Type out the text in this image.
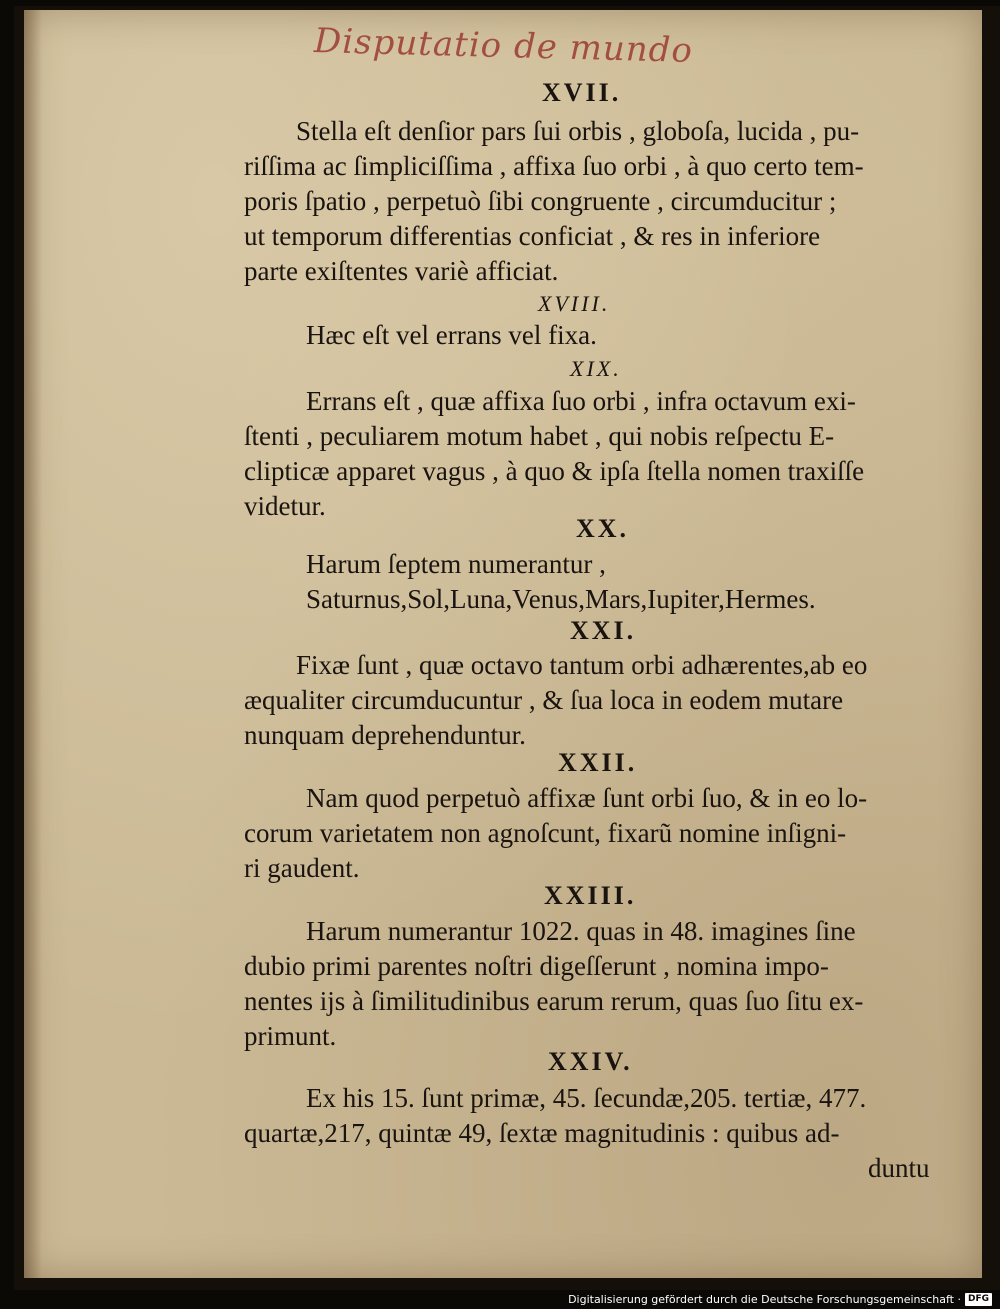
Disputatio de mundo
XVII.
Stella eſt denſior pars ſui orbis , globoſa, lucida , pu-
riſſima ac ſimpliciſſima , affixa ſuo orbi , à quo certo tem-
poris ſpatio , perpetuò ſibi congruente , circumducitur ;
ut temporum differentias conficiat , & res in inferiore
parte exiſtentes variè afficiat.
XVIII.
Hæc eſt vel errans vel fixa.
XIX.
Errans eſt , quæ affixa ſuo orbi , infra octavum exi-
ſtenti , peculiarem motum habet , qui nobis reſpectu E-
clipticæ apparet vagus , à quo & ipſa ſtella nomen traxiſſe
videtur.
XX.
Harum ſeptem numerantur ,
Saturnus,Sol,Luna,Venus,Mars,Iupiter,Hermes.
XXI.
Fixæ ſunt , quæ octavo tantum orbi adhærentes,ab eo
æqualiter circumducuntur , & ſua loca in eodem mutare
nunquam deprehenduntur.
XXII.
Nam quod perpetuò affixæ ſunt orbi ſuo, & in eo lo-
corum varietatem non agnoſcunt, fixarũ nomine inſigni-
ri gaudent.
XXIII.
Harum numerantur 1022. quas in 48. imagines ſine
dubio primi parentes noſtri digeſſerunt , nomina impo-
nentes ijs à ſimilitudinibus earum rerum, quas ſuo ſitu ex-
primunt.
XXIV.
Ex his 15. ſunt primæ, 45. ſecundæ,205. tertiæ, 477.
quartæ,217, quintæ 49, ſextæ magnitudinis : quibus ad-
duntu
Digitalisierung gefördert durch die Deutsche Forschungsgemeinschaft · DFG
